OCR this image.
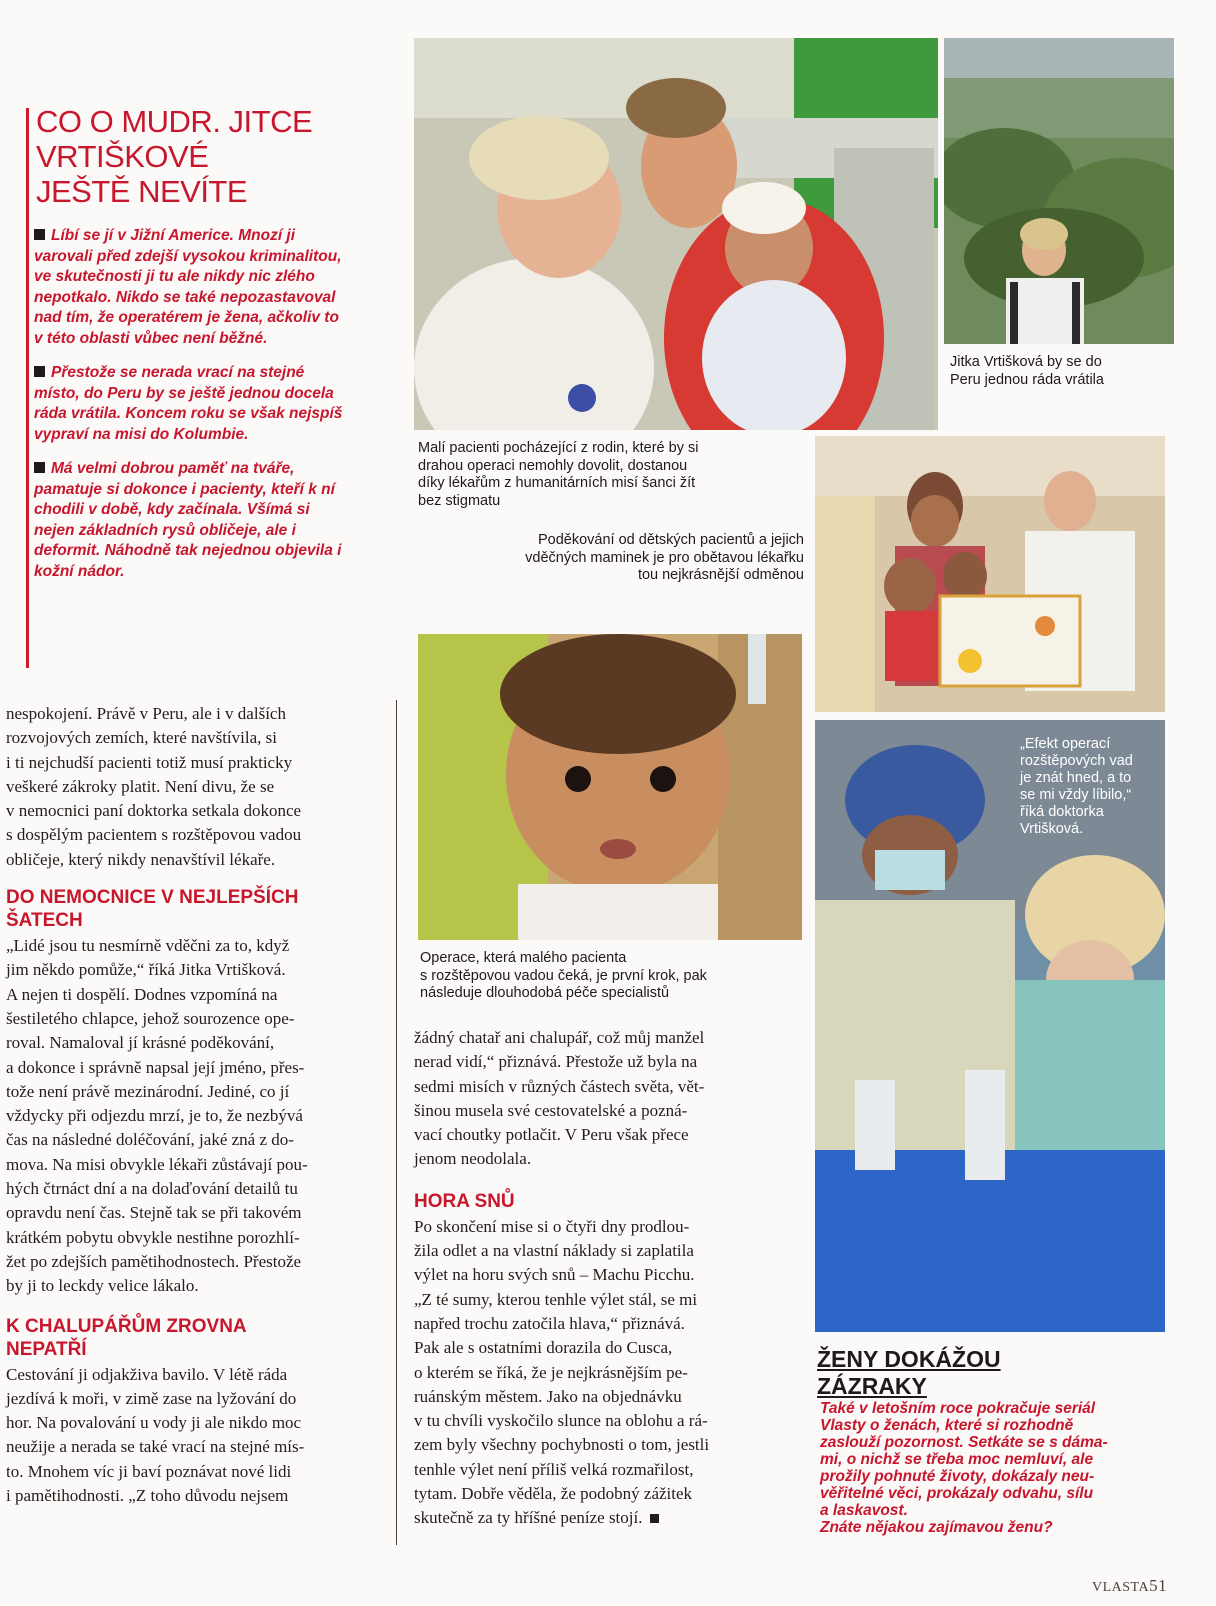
CO O MUDR. JITCE
VRTIŠKOVÉ
JEŠTĚ NEVÍTE

Líbí se jí v Jižní Americe. Mnozí ji varovali před zdejší vysokou kriminalitou, ve skutečnosti ji tu ale nikdy nic zlého nepotkalo. Nikdo se také nepozastavoval nad tím, že operatérem je žena, ačkoliv to v této oblasti vůbec není běžné.

Přestože se nerada vrací na stejné místo, do Peru by se ještě jednou docela ráda vrátila. Koncem roku se však nejspíš vypraví na misi do Kolumbie.

Má velmi dobrou paměť na tváře, pamatuje si dokonce i pacienty, kteří k ní chodili v době, kdy začínala. Všímá si nejen základních rysů obličeje, ale i deformit. Náhodně tak nejednou objevila i kožní nádor.

Jitka Vrtišková by se do
Peru jednou ráda vrátila
Malí pacienti pocházející z rodin, které by si
drahou operaci nemohly dovolit, dostanou
díky lékařům z humanitárních misí šanci žít
bez stigmatu
Poděkování od dětských pacientů a jejich
vděčných maminek je pro obětavou lékařku
tou nejkrásnější odměnou
Operace, která malého pacienta
s rozštěpovou vadou čeká, je první krok, pak
následuje dlouhodobá péče specialistů
„Efekt operací
rozštěpových vad
je znát hned, a to
se mi vždy líbilo,“
říká doktorka
Vrtišková.

nespokojení. Právě v Peru, ale i v dalších

rozvojových zemích, které navštívila, si

i ti nejchudší pacienti totiž musí prakticky

veškeré zákroky platit. Není divu, že se

v nemocnici paní doktorka setkala dokonce

s dospělým pacientem s rozštěpovou vadou

obličeje, který nikdy nenavštívil lékaře.

DO NEMOCNICE V NEJLEPŠÍCH
ŠATECH

„Lidé jsou tu nesmírně vděčni za to, když

jim někdo pomůže,“ říká Jitka Vrtišková.

A nejen ti dospělí. Dodnes vzpomíná na

šestiletého chlapce, jehož sourozence ope-

roval. Namaloval jí krásné poděkování,

a dokonce i správně napsal její jméno, přes-

tože není právě mezinárodní. Jediné, co jí

vždycky při odjezdu mrzí, je to, že nezbývá

čas na následné doléčování, jaké zná z do-

mova. Na misi obvykle lékaři zůstávají pou-

hých čtrnáct dní a na dolaďování detailů tu

opravdu není čas. Stejně tak se při takovém

krátkém pobytu obvykle nestihne porozhlí-

žet po zdejších pamětihodnostech. Přestože

by ji to leckdy velice lákalo.

K CHALUPÁŘŮM ZROVNA
NEPATŘÍ

Cestování ji odjakživa bavilo. V létě ráda

jezdívá k moři, v zimě zase na lyžování do

hor. Na povalování u vody ji ale nikdo moc

neužije a nerada se také vrací na stejné mís-

to. Mnohem víc ji baví poznávat nové lidi

i pamětihodnosti. „Z toho důvodu nejsem

žádný chatař ani chalupář, což můj manžel

nerad vidí,“ přiznává. Přestože už byla na

sedmi misích v různých částech světa, vět-

šinou musela své cestovatelské a pozná-

vací choutky potlačit. V Peru však přece

jenom neodolala.

HORA SNŮ

Po skončení mise si o čtyři dny prodlou-

žila odlet a na vlastní náklady si zaplatila

výlet na horu svých snů – Machu Picchu.

„Z té sumy, kterou tenhle výlet stál, se mi

napřed trochu zatočila hlava,“ přiznává.

Pak ale s ostatními dorazila do Cusca,

o kterém se říká, že je nejkrásnějším pe-

ruánským městem. Jako na objednávku

v tu chvíli vyskočilo slunce na oblohu a rá-

zem byly všechny pochybnosti o tom, jestli

tenhle výlet není příliš velká rozmařilost,

tytam. Dobře věděla, že podobný zážitek

skutečně za ty hříšné peníze stojí.

ŽENY DOKÁŽOU
ZÁZRAKY
Také v letošním roce pokračuje seriál
Vlasty o ženách, které si rozhodně
zaslouží pozornost. Setkáte se s dáma-
mi, o nichž se třeba moc nemluví, ale
prožily pohnuté životy, dokázaly neu-
věřitelné věci, prokázaly odvahu, sílu
a laskavost.
Znáte nějakou zajímavou ženu?
VLASTA51
